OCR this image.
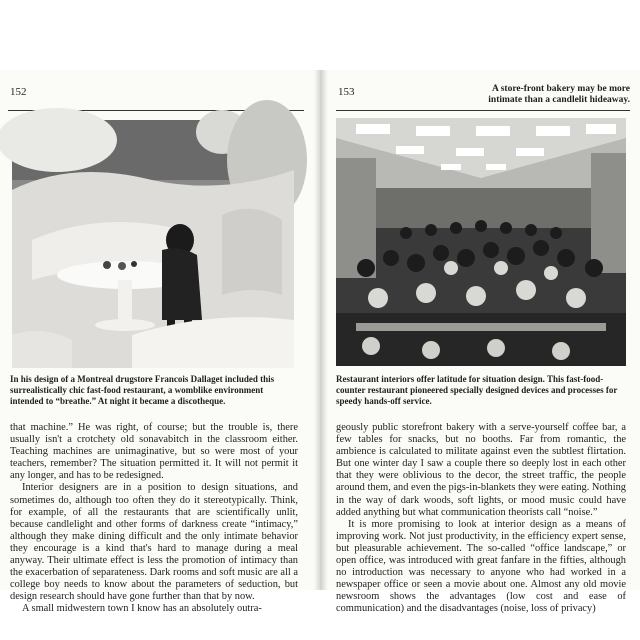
152
In his design of a Montreal drugstore Francois Dallaget included this surrealistically chic fast-food restaurant, a womblike environment intended to “breathe.” At night it became a discotheque.

that machine.” He was right, of course; but the trouble is, there usually isn't a crotchety old sonavabitch in the classroom either. Teaching machines are unimaginative, but so were most of your teachers, remember? The situation permitted it. It will not permit it any longer, and has to be redesigned.

Interior designers are in a position to design situations, and sometimes do, although too often they do it stereotypically. Think, for example, of all the restaurants that are scientifically unlit, because candlelight and other forms of darkness create “intimacy,” although they make dining difficult and the only intimate behavior they encourage is a kind that's hard to manage during a meal anyway. Their ultimate effect is less the promotion of intimacy than the exacerbation of separateness. Dark rooms and soft music are all a college boy needs to know about the parameters of seduction, but design research should have gone further than that by now.

A small midwestern town I know has an absolutely outra-

153	A store-front bakery may be more intimate than a candlelit hideaway.
Restaurant interiors offer latitude for situation design. This fast-food-counter restaurant pioneered specially designed devices and processes for speedy hands-off service.

geously public storefront bakery with a serve-yourself coffee bar, a few tables for snacks, but no booths. Far from romantic, the ambience is calculated to militate against even the subtlest flirtation. But one winter day I saw a couple there so deeply lost in each other that they were oblivious to the decor, the street traffic, the people around them, and even the pigs-in-blankets they were eating. Nothing in the way of dark woods, soft lights, or mood music could have added anything but what communication theorists call “noise.”

It is more promising to look at interior design as a means of improving work. Not just productivity, in the efficiency expert sense, but pleasurable achievement. The so-called “office landscape,” or open office, was introduced with great fanfare in the fifties, although no introduction was necessary to anyone who had worked in a newspaper office or seen a movie about one. Almost any old movie newsroom shows the advantages (low cost and ease of communication) and the disadvantages (noise, loss of privacy)
